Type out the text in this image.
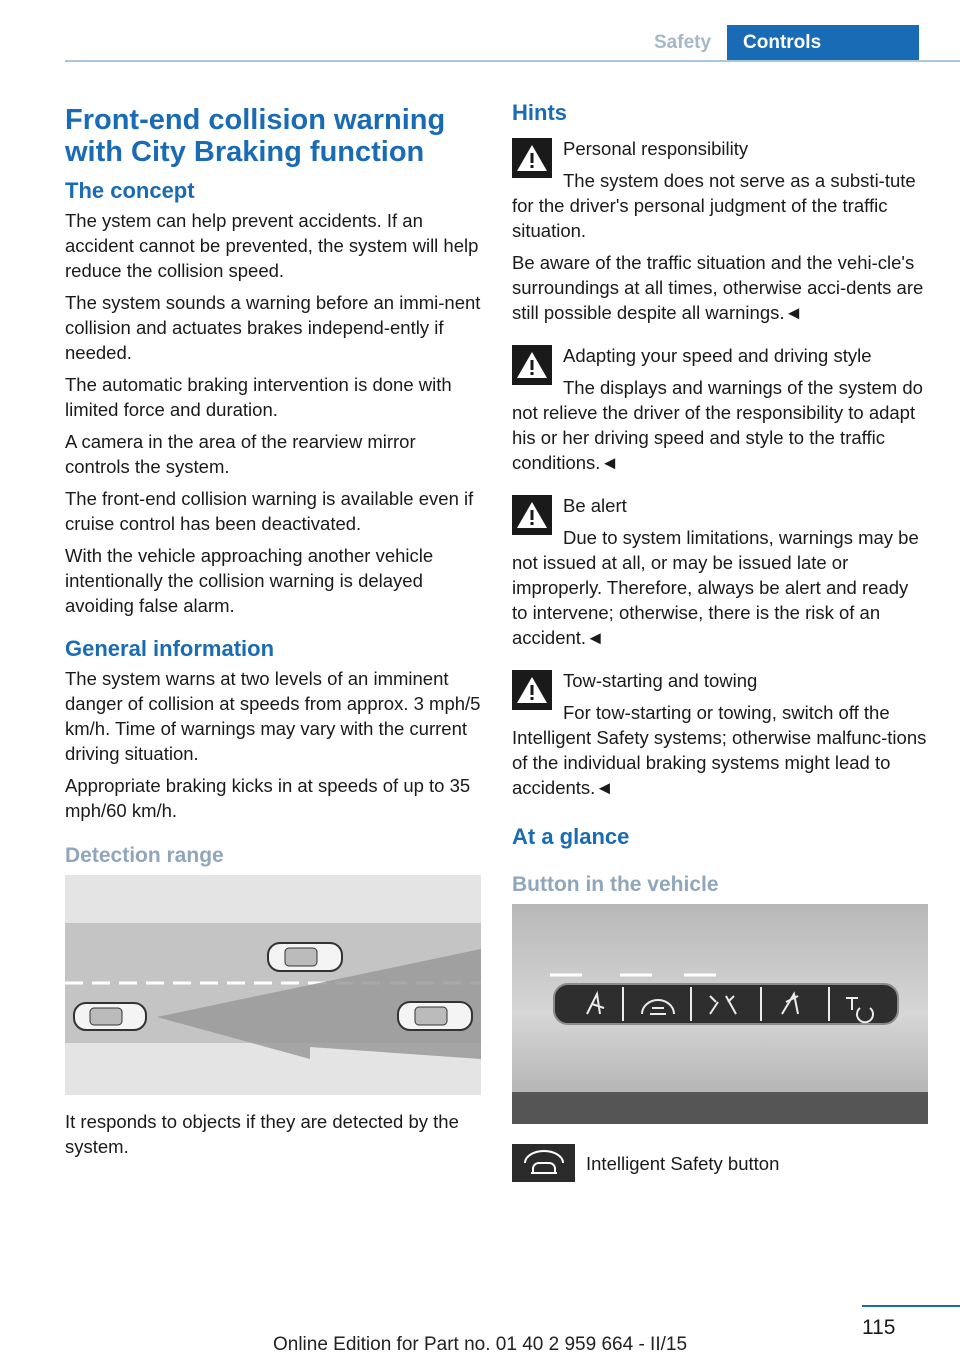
Safety	Controls
Front-end collision warning
with City Braking function
The concept

The ystem can help prevent accidents. If an accident cannot be prevented, the system will help reduce the collision speed.

The system sounds a warning before an immi-nent collision and actuates brakes independ-ently if needed.

The automatic braking intervention is done with limited force and duration.

A camera in the area of the rearview mirror controls the system.

The front-end collision warning is available even if cruise control has been deactivated.

With the vehicle approaching another vehicle intentionally the collision warning is delayed avoiding false alarm.

General information

The system warns at two levels of an imminent danger of collision at speeds from approx. 3 mph/5 km/h. Time of warnings may vary with the current driving situation.

Appropriate braking kicks in at speeds of up to 35 mph/60 km/h.

Detection range

It responds to objects if they are detected by the system.

Hints

Personal responsibility

The system does not serve as a substi-tute for the driver's personal judgment of the traffic situation.

Be aware of the traffic situation and the vehi-cle's surroundings at all times, otherwise acci-dents are still possible despite all warnings.◄

Adapting your speed and driving style

The displays and warnings of the system do not relieve the driver of the responsibility to adapt his or her driving speed and style to the traffic conditions.◄

Be alert

Due to system limitations, warnings may be not issued at all, or may be issued late or improperly. Therefore, always be alert and ready to intervene; otherwise, there is the risk of an accident.◄

Tow-starting and towing

For tow-starting or towing, switch off the Intelligent Safety systems; otherwise malfunc-tions of the individual braking systems might lead to accidents.◄

At a glance
Button in the vehicle

Intelligent Safety button

115
Online Edition for Part no. 01 40 2 959 664 - II/15
